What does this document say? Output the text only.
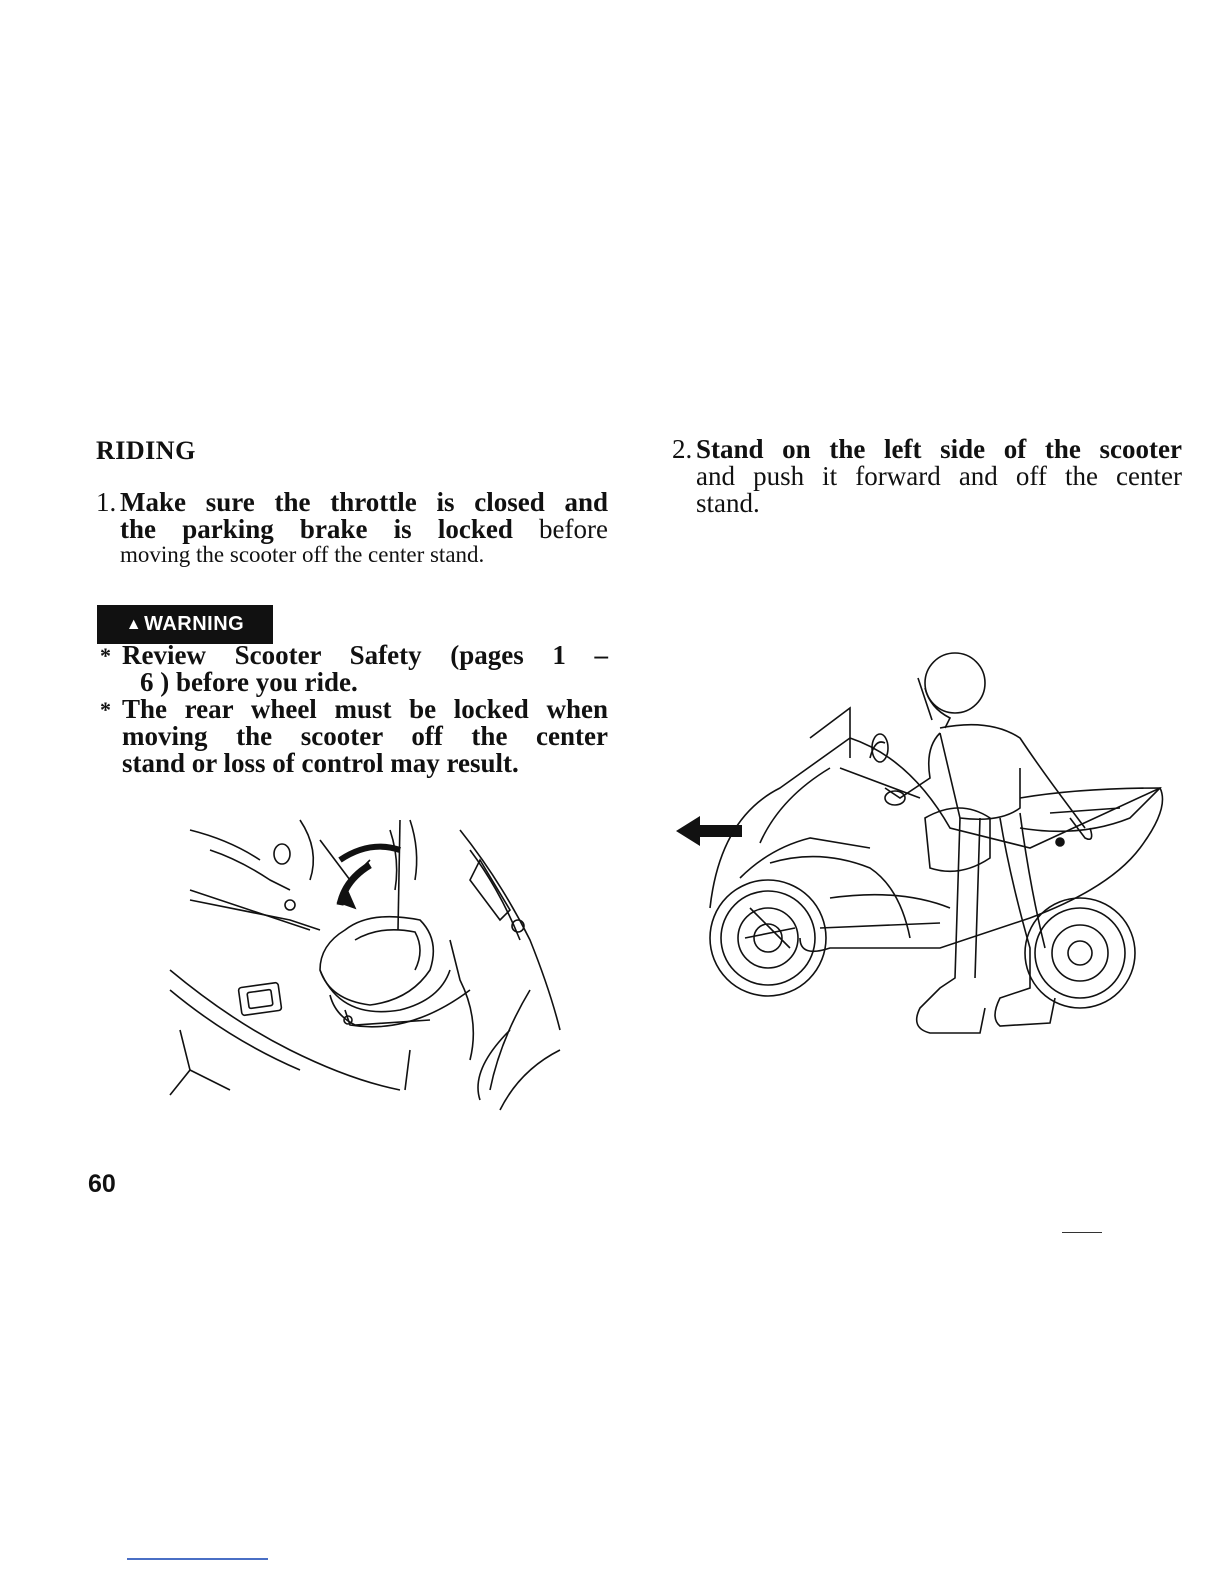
RIDING
1. Make sure the throttle is closed and
the parking brake is locked before
moving the scooter off the center stand.
▲ WARNING
* Review Scooter Safety (pages 1 –
6 ) before you ride.
* The rear wheel must be locked when
moving the scooter off the center
stand or loss of control may result.
2. Stand on the left side of the scooter
and push it forward and off the center
stand.
60
